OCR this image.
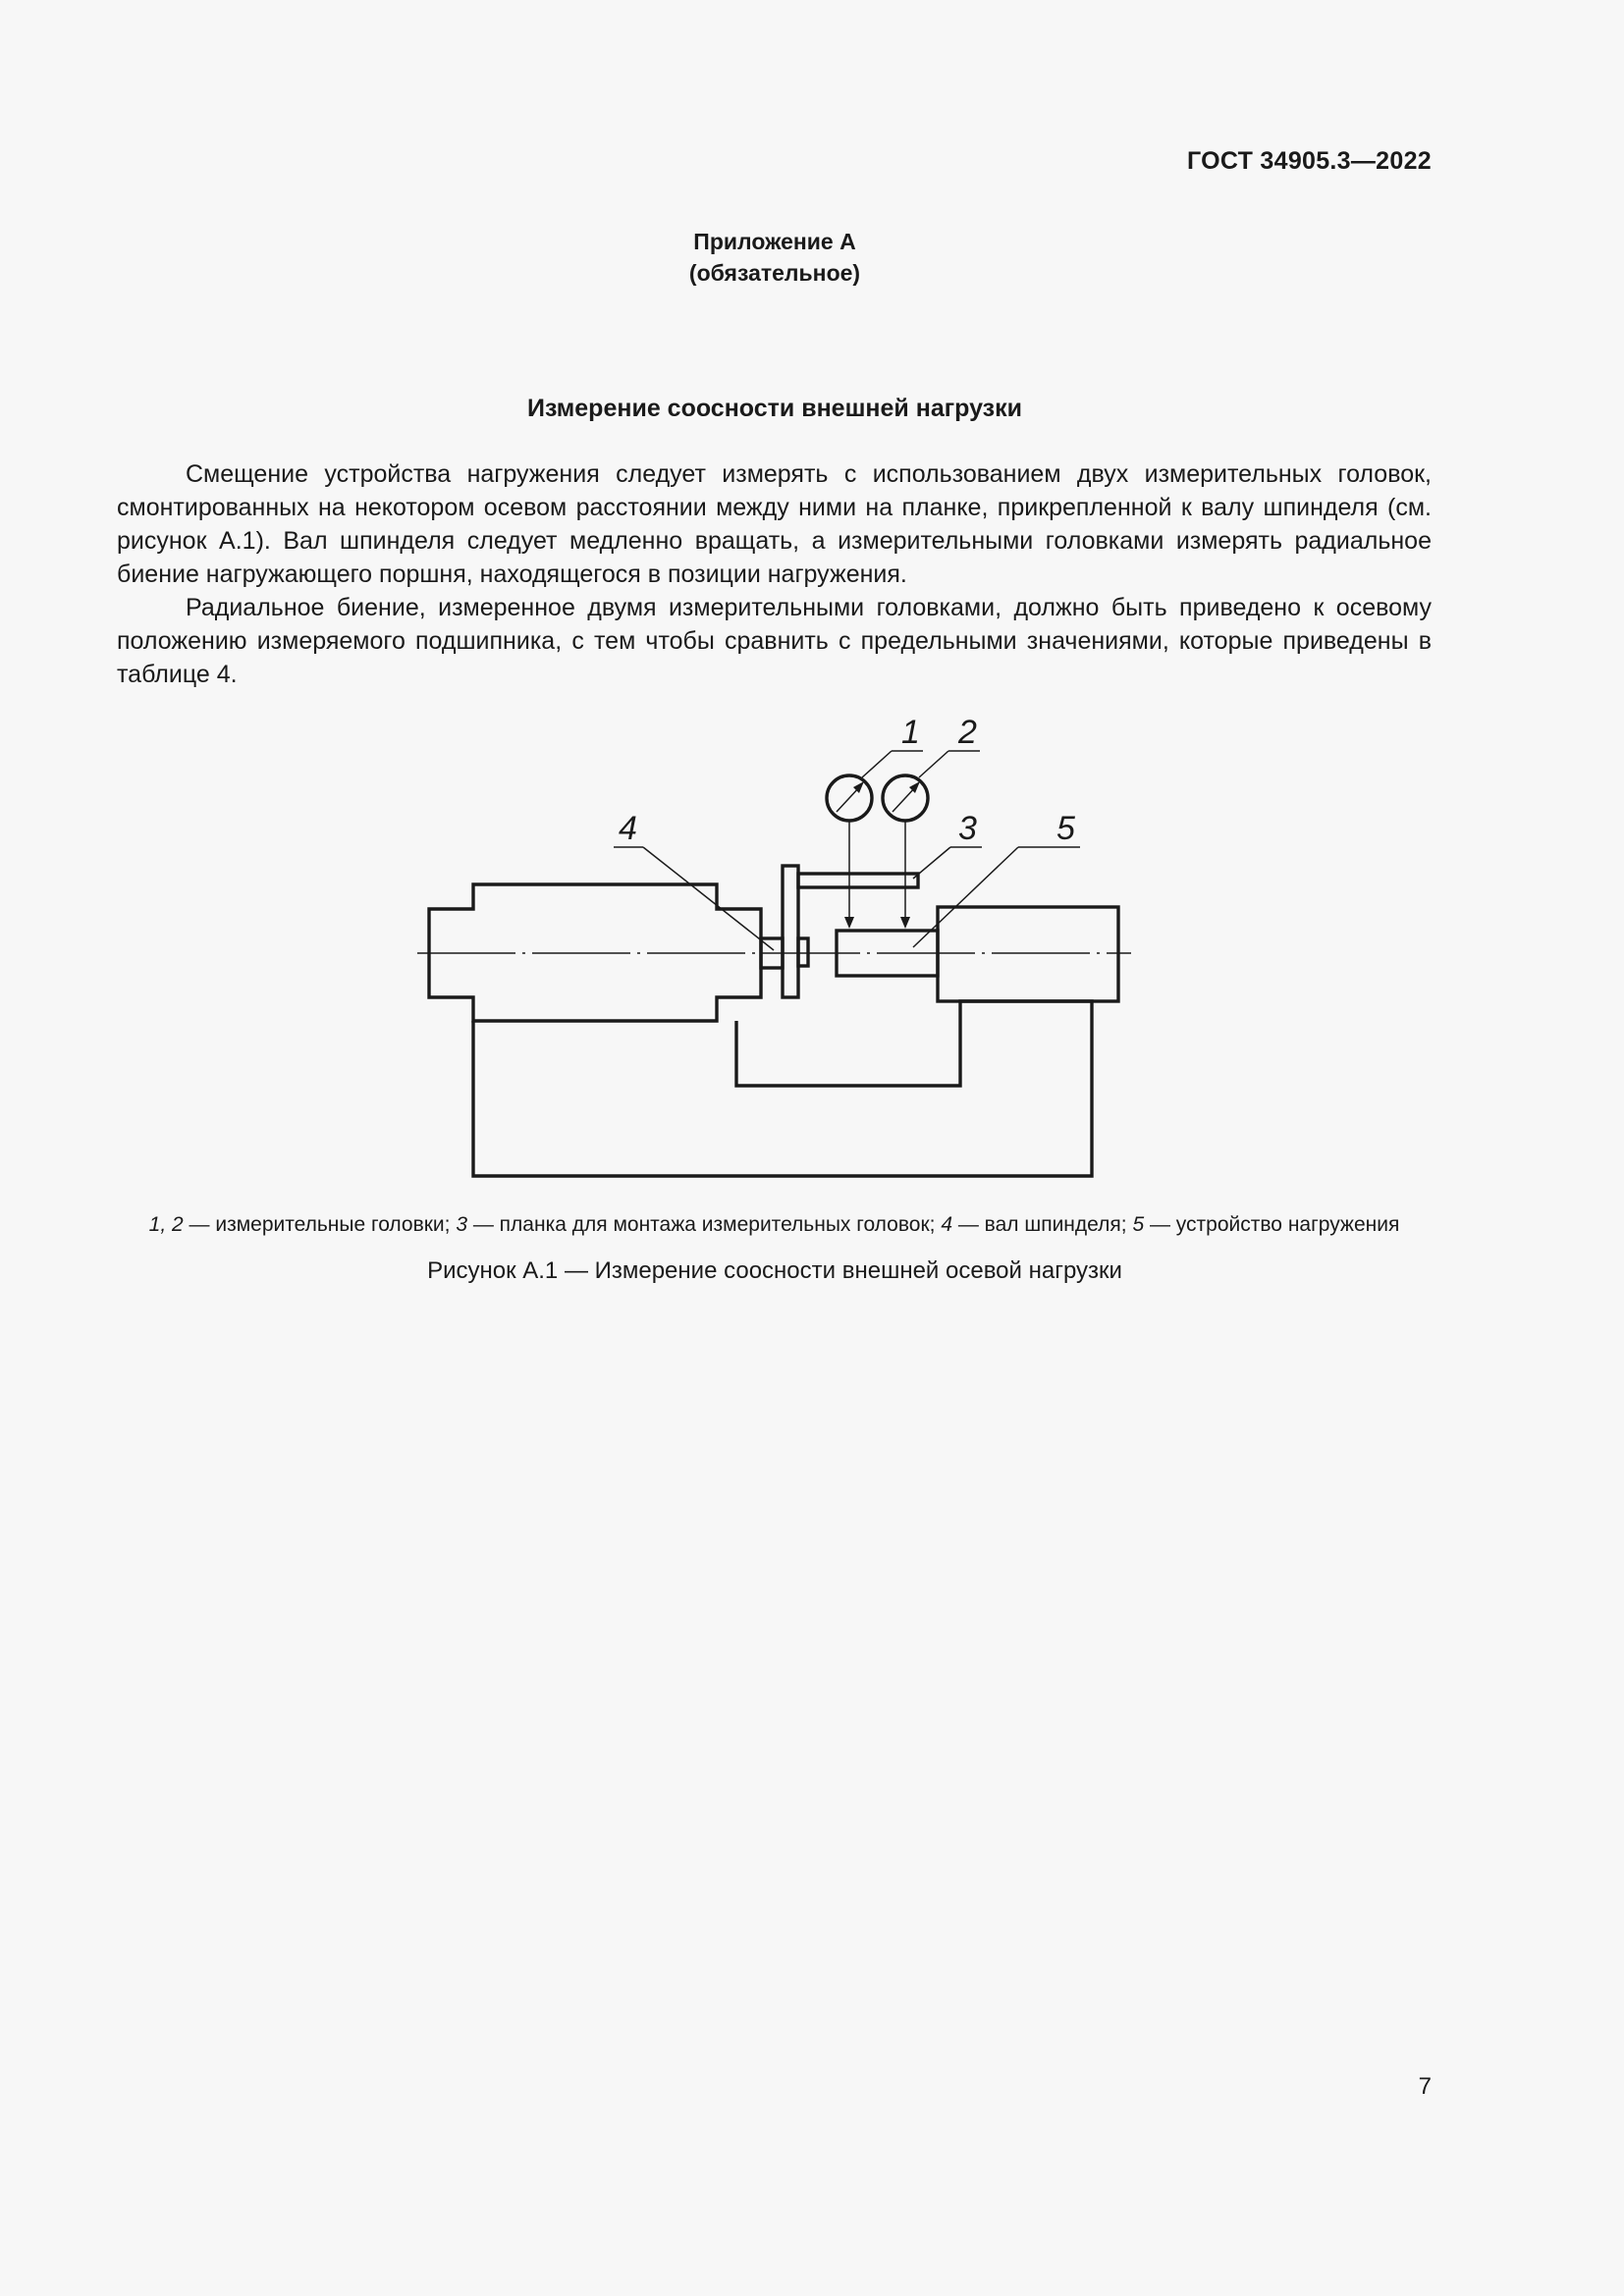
ГОСТ 34905.3—2022
Приложение А
(обязательное)
Измерение соосности внешней нагрузки

Смещение устройства нагружения следует измерять с использованием двух измерительных головок, смонтированных на некотором осевом расстоянии между ними на планке, прикрепленной к валу шпинделя (см. рисунок А.1). Вал шпинделя следует медленно вращать, а измерительными головками измерять радиальное биение нагружающего поршня, находящегося в позиции нагружения.

Радиальное биение, измеренное двумя измерительными головками, должно быть приведено к осевому положению измеряемого подшипника, с тем чтобы сравнить с предельными значениями, которые приведены в таблице 4.

1 2
3
4	5
1, 2 — измерительные головки; 3 — планка для монтажа измерительных головок; 4 — вал шпинделя; 5 — устройство нагружения
Рисунок А.1 — Измерение соосности внешней осевой нагрузки
7
